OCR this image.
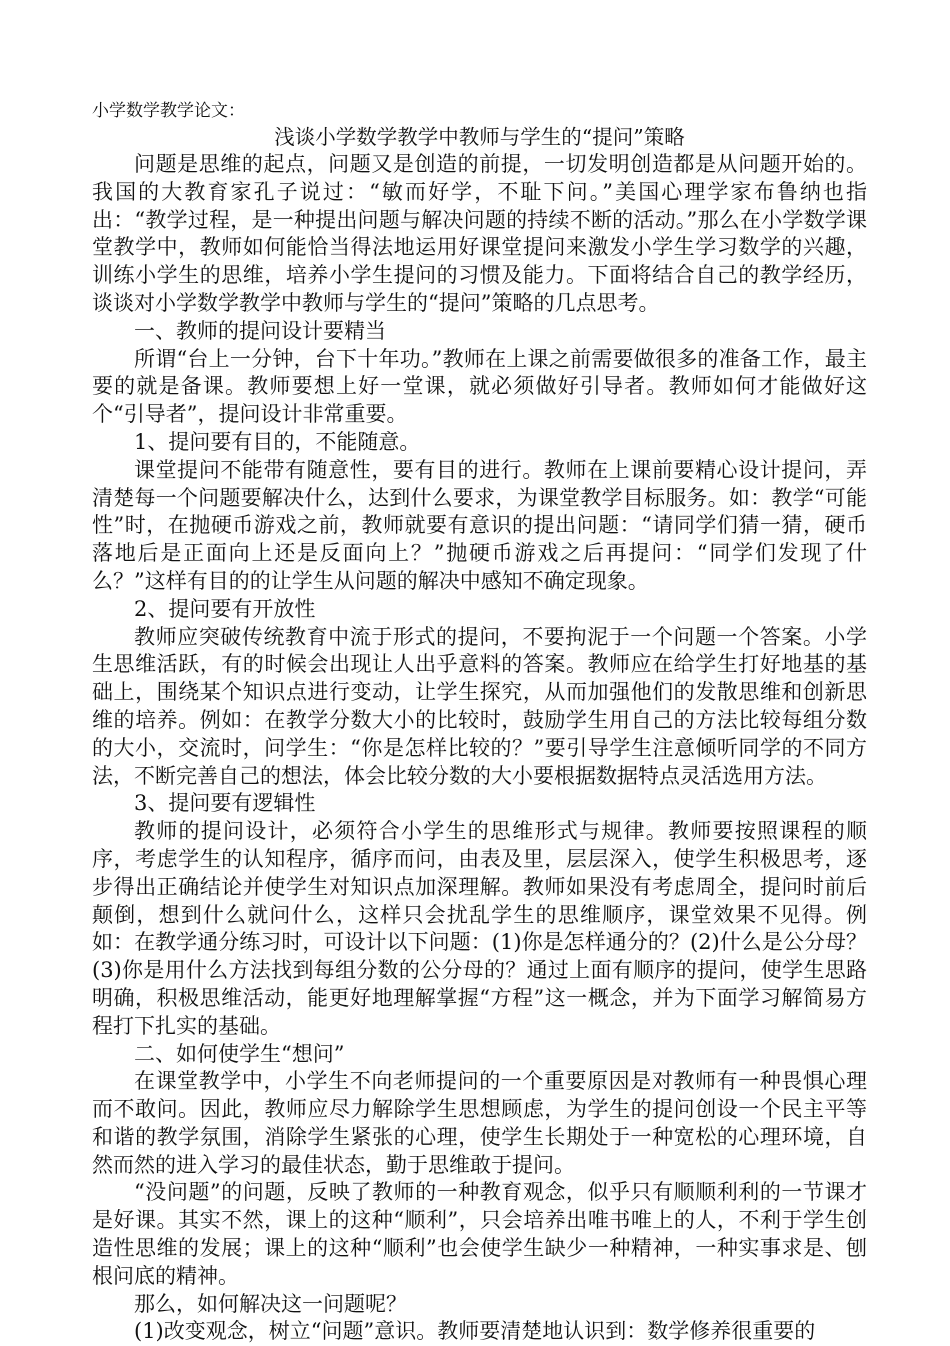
小学数学教学论文：

浅谈小学数学教学中教师与学生的“提问”策略

问题是思维的起点，问题又是创造的前提，一切发明创造都是从问题开始的。我国的大教育家孔子说过：“敏而好学，不耻下问。”美国心理学家布鲁纳也指出：“教学过程，是一种提出问题与解决问题的持续不断的活动。”那么在小学数学课堂教学中，教师如何能恰当得法地运用好课堂提问来激发小学生学习数学的兴趣，训练小学生的思维，培养小学生提问的习惯及能力。下面将结合自己的教学经历，谈谈对小学数学教学中教师与学生的“提问”策略的几点思考。

一、教师的提问设计要精当

所谓“台上一分钟，台下十年功。”教师在上课之前需要做很多的准备工作，最主要的就是备课。教师要想上好一堂课，就必须做好引导者。教师如何才能做好这个“引导者”，提问设计非常重要。

1、提问要有目的，不能随意。

课堂提问不能带有随意性，要有目的进行。教师在上课前要精心设计提问，弄清楚每一个问题要解决什么，达到什么要求，为课堂教学目标服务。如：教学“可能性”时，在抛硬币游戏之前，教师就要有意识的提出问题：“请同学们猜一猜，硬币落地后是正面向上还是反面向上？”抛硬币游戏之后再提问：“同学们发现了什么？”这样有目的的让学生从问题的解决中感知不确定现象。

2、提问要有开放性

教师应突破传统教育中流于形式的提问，不要拘泥于一个问题一个答案。小学生思维活跃，有的时候会出现让人出乎意料的答案。教师应在给学生打好地基的基础上，围绕某个知识点进行变动，让学生探究，从而加强他们的发散思维和创新思维的培养。例如：在教学分数大小的比较时，鼓励学生用自己的方法比较每组分数的大小，交流时，问学生：“你是怎样比较的？”要引导学生注意倾听同学的不同方法，不断完善自己的想法，体会比较分数的大小要根据数据特点灵活选用方法。

3、提问要有逻辑性

教师的提问设计，必须符合小学生的思维形式与规律。教师要按照课程的顺序，考虑学生的认知程序，循序而问，由表及里，层层深入，使学生积极思考，逐步得出正确结论并使学生对知识点加深理解。教师如果没有考虑周全，提问时前后颠倒，想到什么就问什么，这样只会扰乱学生的思维顺序，课堂效果不见得。例如：在教学通分练习时，可设计以下问题：(1)你是怎样通分的？(2)什么是公分母？(3)你是用什么方法找到每组分数的公分母的？通过上面有顺序的提问，使学生思路明确，积极思维活动，能更好地理解掌握“方程”这一概念，并为下面学习解简易方程打下扎实的基础。

二、如何使学生“想问”

在课堂教学中，小学生不向老师提问的一个重要原因是对教师有一种畏惧心理而不敢问。因此，教师应尽力解除学生思想顾虑，为学生的提问创设一个民主平等和谐的教学氛围，消除学生紧张的心理，使学生长期处于一种宽松的心理环境，自然而然的进入学习的最佳状态，勤于思维敢于提问。

“没问题”的问题，反映了教师的一种教育观念，似乎只有顺顺利利的一节课才是好课。其实不然，课上的这种“顺利”，只会培养出唯书唯上的人，不利于学生创造性思维的发展；课上的这种“顺利”也会使学生缺少一种精神，一种实事求是、刨根问底的精神。

那么，如何解决这一问题呢？

(1)改变观念，树立“问题”意识。教师要清楚地认识到：数学修养很重要的
